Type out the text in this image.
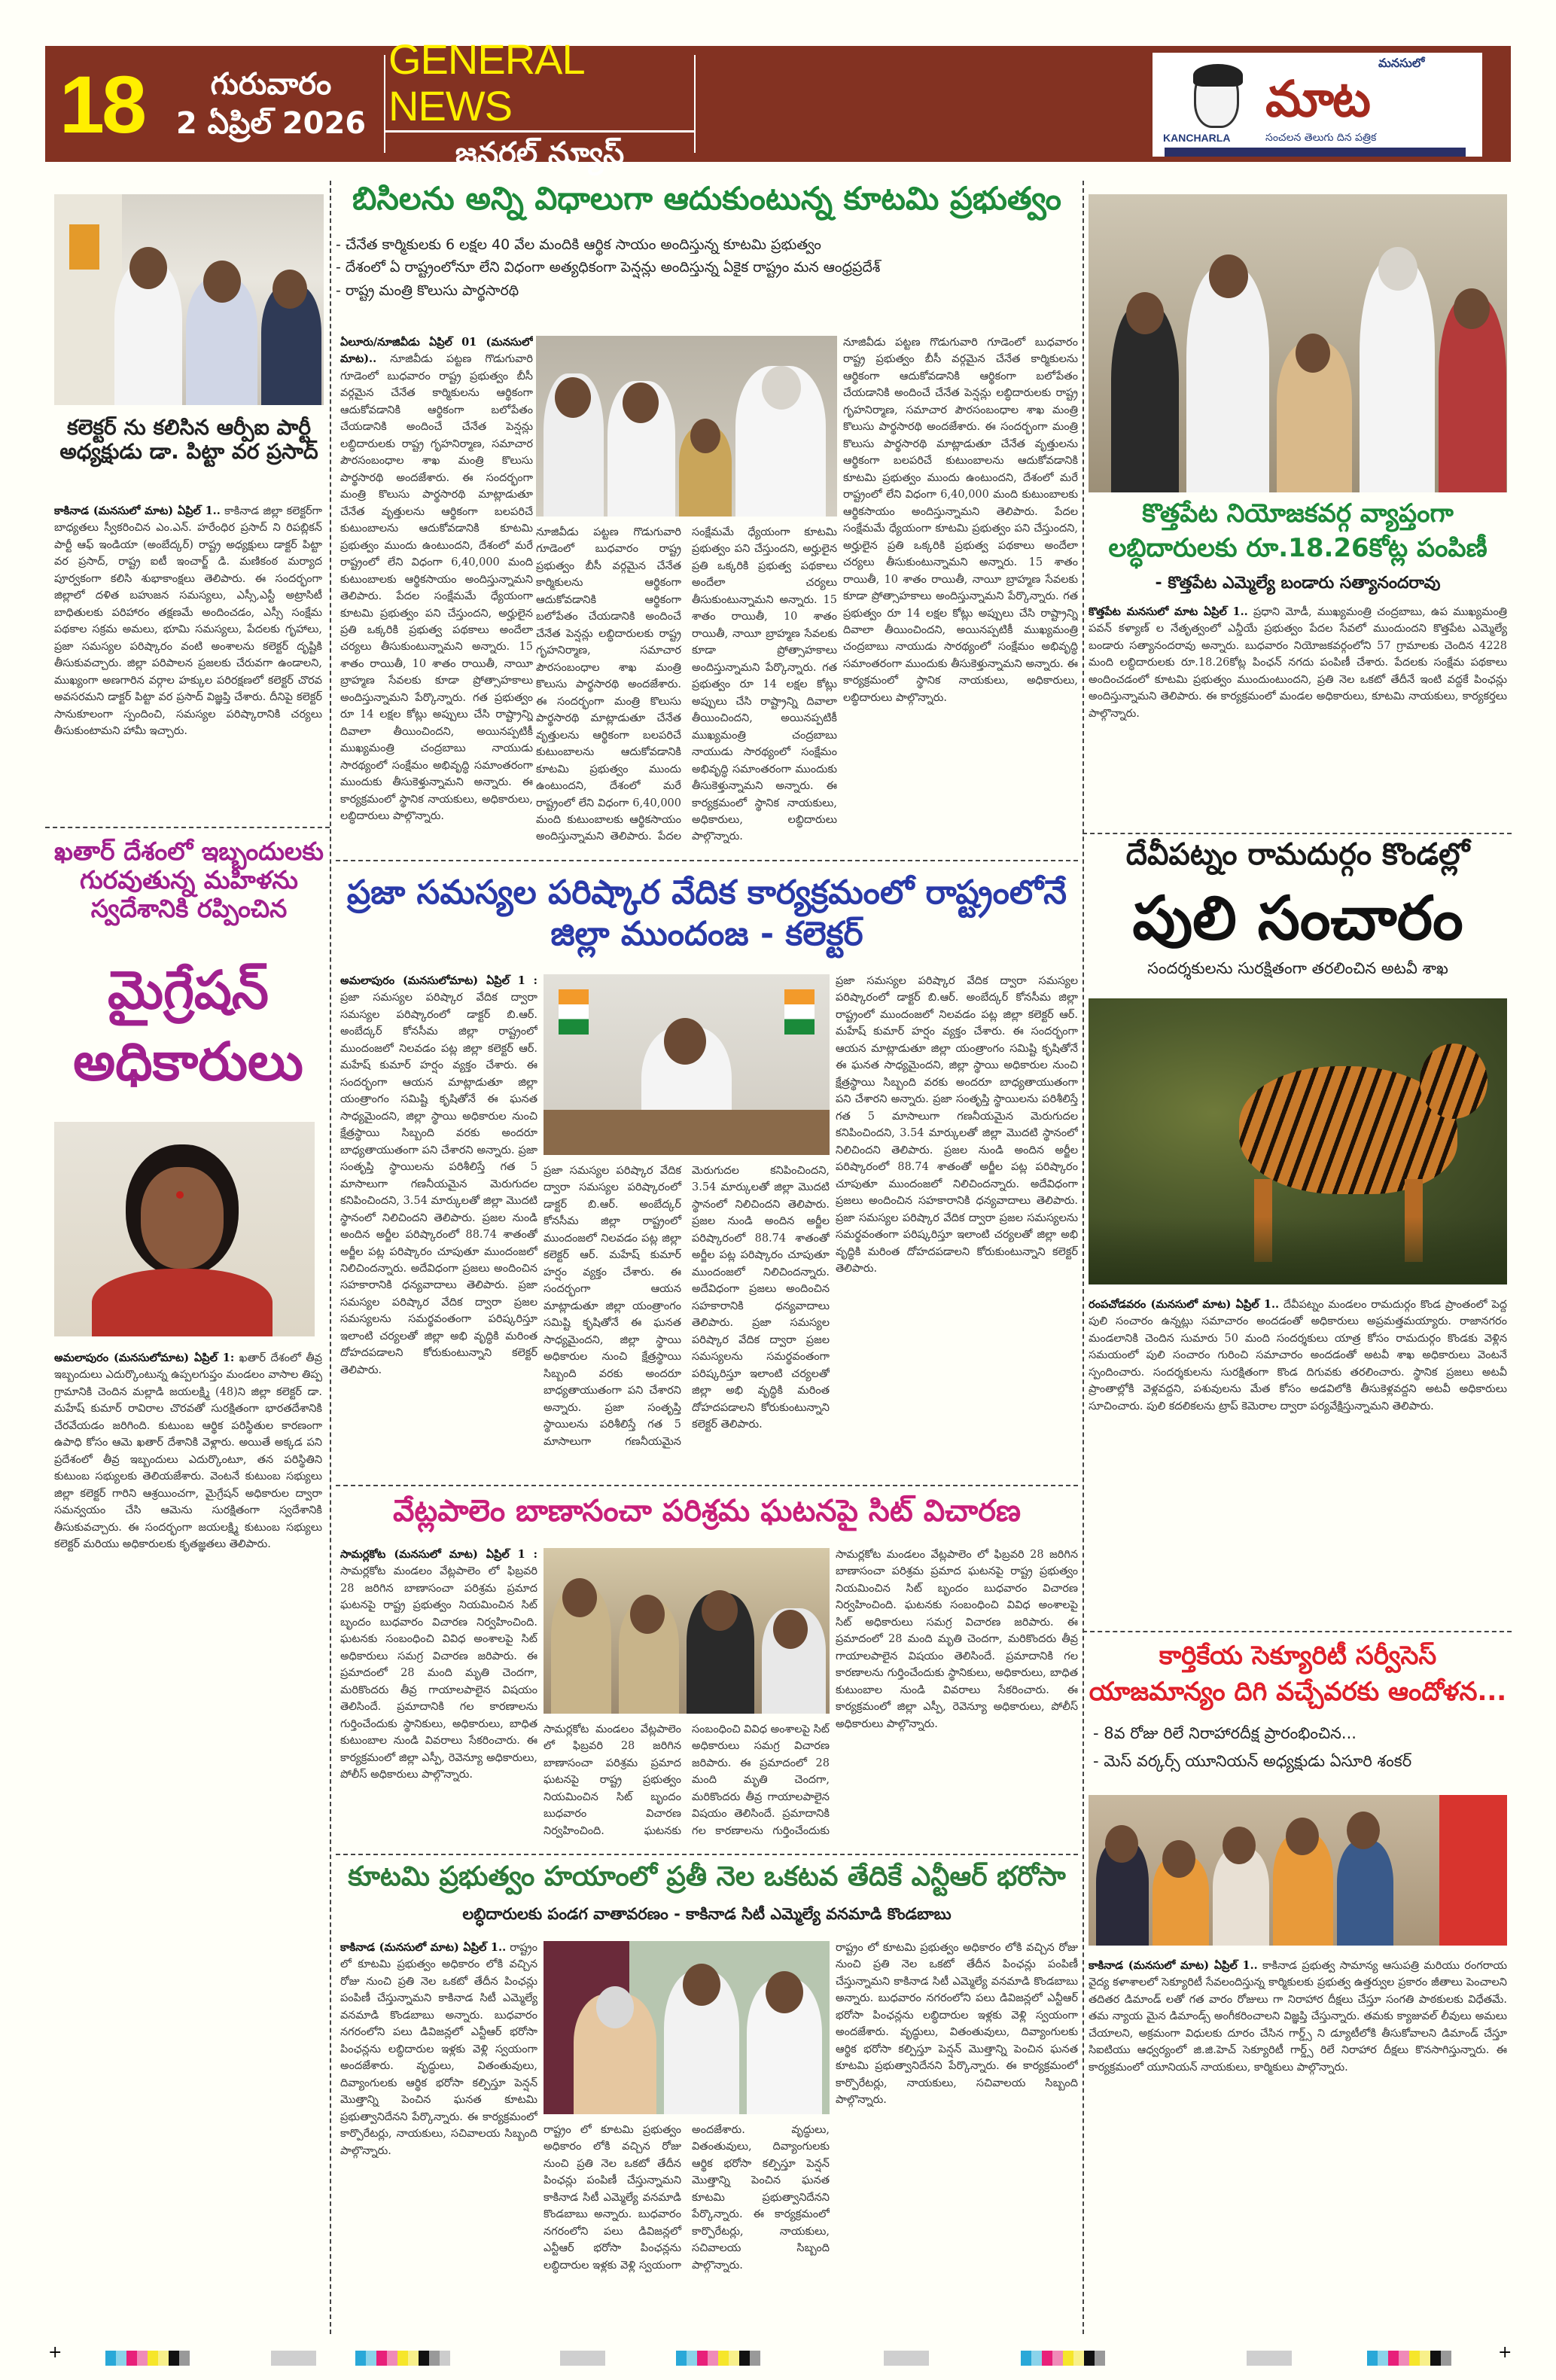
18	గురువారం
2 ఏప్రిల్ 2026
GENERAL NEWS
జనరల్ న్యూస్
మనసులో
మాట
KANCHARLA	సంచలన తెలుగు దిన పత్రిక
కలెక్టర్ ను కలిసిన ఆర్పీఐ పార్టీ అధ్యక్షుడు డా. పిట్టా వర ప్రసాద్
కాకినాడ (మనసులో మాట) ఏప్రిల్ 1.. కాకినాడ జిల్లా కలెక్టర్‌గా బాధ్యతలు స్వీకరించిన ఎం.ఎన్. హరేంధిర ప్రసాద్ ని రిపబ్లికన్ పార్టీ ఆఫ్ ఇండియా (అంబేద్కర్) రాష్ట్ర అధ్యక్షులు డాక్టర్ పిట్టా వర ప్రసాద్, రాష్ట్ర ఐటీ ఇంచార్జ్ డి. మణికంఠ మర్యాద పూర్వకంగా కలిసి శుభాకాంక్షలు తెలిపారు. ఈ సందర్భంగా జిల్లాలో దళిత బహుజన సమస్యలు, ఎస్సీ,ఎస్టీ అట్రాసిటీ బాధితులకు పరిహారం తక్షణమే అందించడం, ఎస్సీ సంక్షేమ పథకాల సక్రమ అమలు, భూమి సమస్యలు, పేదలకు గృహాలు, ప్రజా సమస్యల పరిష్కారం వంటి అంశాలను కలెక్టర్ దృష్టికి తీసుకువచ్చారు. జిల్లా పరిపాలన ప్రజలకు చేరువగా ఉండాలని, ముఖ్యంగా అణగారిన వర్గాల హక్కుల పరిరక్షణలో కలెక్టర్ చొరవ అవసరమని డాక్టర్ పిట్టా వర ప్రసాద్ విజ్ఞప్తి చేశారు. దీనిపై కలెక్టర్ సానుకూలంగా స్పందించి, సమస్యల పరిష్కారానికి చర్యలు తీసుకుంటామని హామీ ఇచ్చారు.
ఖతార్ దేశంలో ఇబ్బందులకు గురవుతున్న మహిళను స్వదేశానికి రప్పించిన
మైగ్రేషన్ అధికారులు
అమలాపురం (మనసులోమాట) ఏప్రిల్ 1: ఖతార్ దేశంలో తీవ్ర ఇబ్బందులు ఎదుర్కొంటున్న ఉప్పలగుప్తం మండలం వాసాల తిప్ప గ్రామానికి చెందిన మల్లాడి జయలక్ష్మి (48)ని జిల్లా కలెక్టర్ డా. మహేష్ కుమార్ రావిరాల చొరవతో సురక్షితంగా భారతదేశానికి చేరవేయడం జరిగింది. కుటుంబ ఆర్థిక పరిస్థితుల కారణంగా ఉపాధి కోసం ఆమె ఖతార్ దేశానికి వెళ్లారు. అయితే అక్కడ పని ప్రదేశంలో తీవ్ర ఇబ్బందులు ఎదుర్కొంటూ, తన పరిస్థితిని కుటుంబ సభ్యులకు తెలియజేశారు. వెంటనే కుటుంబ సభ్యులు జిల్లా కలెక్టర్ గారిని ఆశ్రయించగా, మైగ్రేషన్ అధికారుల ద్వారా సమన్వయం చేసి ఆమెను సురక్షితంగా స్వదేశానికి తీసుకువచ్చారు. ఈ సందర్భంగా జయలక్ష్మి కుటుంబ సభ్యులు కలెక్టర్ మరియు అధికారులకు కృతజ్ఞతలు తెలిపారు.
బిసిలను అన్ని విధాలుగా ఆదుకుంటున్న కూటమి ప్రభుత్వం
- చేనేత కార్మికులకు 6 లక్షల 40 వేల మందికి ఆర్థిక సాయం అందిస్తున్న కూటమి ప్రభుత్వం
- దేశంలో ఏ రాష్ట్రంలోనూ లేని విధంగా అత్యధికంగా పెన్షన్లు అందిస్తున్న ఏకైక రాష్ట్రం మన ఆంధ్రప్రదేశ్
- రాష్ట్ర మంత్రి కొలుసు పార్థసారథి
ఏలూరు/నూజివీడు ఏప్రిల్ 01 (మనసులో మాట).. నూజివీడు పట్టణ గొడుగువారి గూడెంలో బుధవారం రాష్ట్ర ప్రభుత్వం బీసీ వర్గమైన చేనేత కార్మికులను ఆర్థికంగా ఆదుకోవడానికి ఆర్థికంగా బలోపేతం చేయడానికి అందించే చేనేత పెన్షన్లు లబ్ధిదారులకు రాష్ట్ర గృహనిర్మాణ, సమాచార పౌరసంబంధాల శాఖ మంత్రి కొలుసు పార్థసారథి అందజేశారు. ఈ సందర్భంగా మంత్రి కొలుసు పార్థసారథి మాట్లాడుతూ చేనేత వృత్తులను ఆర్థికంగా బలపరిచే కుటుంబాలను ఆదుకోవడానికి కూటమి ప్రభుత్వం ముందు ఉంటుందని, దేశంలో మరే రాష్ట్రంలో లేని విధంగా 6,40,000 మంది కుటుంబాలకు ఆర్థికసాయం అందిస్తున్నామని తెలిపారు. పేదల సంక్షేమమే ధ్యేయంగా కూటమి ప్రభుత్వం పని చేస్తుందని, అర్హులైన ప్రతి ఒక్కరికి ప్రభుత్వ పథకాలు అందేలా చర్యలు తీసుకుంటున్నామని అన్నారు. 15 శాతం రాయితీ, 10 శాతం రాయితీ, నాయీ బ్రాహ్మణ సేవలకు కూడా ప్రోత్సాహకాలు అందిస్తున్నామని పేర్కొన్నారు. గత ప్రభుత్వం రూ 14 లక్షల కోట్లు అప్పులు చేసి రాష్ట్రాన్ని దివాలా తీయించిందని, అయినప్పటికీ ముఖ్యమంత్రి చంద్రబాబు నాయుడు సారథ్యంలో సంక్షేమం అభివృద్ధి సమాంతరంగా ముందుకు తీసుకెళ్తున్నామని అన్నారు. ఈ కార్యక్రమంలో స్థానిక నాయకులు, అధికారులు, లబ్ధిదారులు పాల్గొన్నారు.
నూజివీడు పట్టణ గొడుగువారి గూడెంలో బుధవారం రాష్ట్ర ప్రభుత్వం బీసీ వర్గమైన చేనేత కార్మికులను ఆర్థికంగా ఆదుకోవడానికి ఆర్థికంగా బలోపేతం చేయడానికి అందించే చేనేత పెన్షన్లు లబ్ధిదారులకు రాష్ట్ర గృహనిర్మాణ, సమాచార పౌరసంబంధాల శాఖ మంత్రి కొలుసు పార్థసారథి అందజేశారు. ఈ సందర్భంగా మంత్రి కొలుసు పార్థసారథి మాట్లాడుతూ చేనేత వృత్తులను ఆర్థికంగా బలపరిచే కుటుంబాలను ఆదుకోవడానికి కూటమి ప్రభుత్వం ముందు ఉంటుందని, దేశంలో మరే రాష్ట్రంలో లేని విధంగా 6,40,000 మంది కుటుంబాలకు ఆర్థికసాయం అందిస్తున్నామని తెలిపారు. పేదల సంక్షేమమే ధ్యేయంగా కూటమి ప్రభుత్వం పని చేస్తుందని, అర్హులైన ప్రతి ఒక్కరికి ప్రభుత్వ పథకాలు అందేలా చర్యలు తీసుకుంటున్నామని అన్నారు. 15 శాతం రాయితీ, 10 శాతం రాయితీ, నాయీ బ్రాహ్మణ సేవలకు కూడా ప్రోత్సాహకాలు అందిస్తున్నామని పేర్కొన్నారు. గత ప్రభుత్వం రూ 14 లక్షల కోట్లు అప్పులు చేసి రాష్ట్రాన్ని దివాలా తీయించిందని, అయినప్పటికీ ముఖ్యమంత్రి చంద్రబాబు నాయుడు సారథ్యంలో సంక్షేమం అభివృద్ధి సమాంతరంగా ముందుకు తీసుకెళ్తున్నామని అన్నారు. ఈ కార్యక్రమంలో స్థానిక నాయకులు, అధికారులు, లబ్ధిదారులు పాల్గొన్నారు.
నూజివీడు పట్టణ గొడుగువారి గూడెంలో బుధవారం రాష్ట్ర ప్రభుత్వం బీసీ వర్గమైన చేనేత కార్మికులను ఆర్థికంగా ఆదుకోవడానికి ఆర్థికంగా బలోపేతం చేయడానికి అందించే చేనేత పెన్షన్లు లబ్ధిదారులకు రాష్ట్ర గృహనిర్మాణ, సమాచార పౌరసంబంధాల శాఖ మంత్రి కొలుసు పార్థసారథి అందజేశారు. ఈ సందర్భంగా మంత్రి కొలుసు పార్థసారథి మాట్లాడుతూ చేనేత వృత్తులను ఆర్థికంగా బలపరిచే కుటుంబాలను ఆదుకోవడానికి కూటమి ప్రభుత్వం ముందు ఉంటుందని, దేశంలో మరే రాష్ట్రంలో లేని విధంగా 6,40,000 మంది కుటుంబాలకు ఆర్థికసాయం అందిస్తున్నామని తెలిపారు. పేదల సంక్షేమమే ధ్యేయంగా కూటమి ప్రభుత్వం పని చేస్తుందని, అర్హులైన ప్రతి ఒక్కరికి ప్రభుత్వ పథకాలు అందేలా చర్యలు తీసుకుంటున్నామని అన్నారు. 15 శాతం రాయితీ, 10 శాతం రాయితీ, నాయీ బ్రాహ్మణ సేవలకు కూడా ప్రోత్సాహకాలు అందిస్తున్నామని పేర్కొన్నారు. గత ప్రభుత్వం రూ 14 లక్షల కోట్లు అప్పులు చేసి రాష్ట్రాన్ని దివాలా తీయించిందని, అయినప్పటికీ ముఖ్యమంత్రి చంద్రబాబు నాయుడు సారథ్యంలో సంక్షేమం అభివృద్ధి సమాంతరంగా ముందుకు తీసుకెళ్తున్నామని అన్నారు. ఈ కార్యక్రమంలో స్థానిక నాయకులు, అధికారులు, లబ్ధిదారులు పాల్గొన్నారు.
ప్రజా సమస్యల పరిష్కార వేదిక కార్యక్రమంలో రాష్ట్రంలోనే జిల్లా ముందంజ - కలెక్టర్
అమలాపురం (మనసులోమాట) ఏప్రిల్ 1 : ప్రజా సమస్యల పరిష్కార వేదిక ద్వారా సమస్యల పరిష్కారంలో డాక్టర్ బి.ఆర్. అంబేద్కర్ కోనసీమ జిల్లా రాష్ట్రంలో ముందంజలో నిలవడం పట్ల జిల్లా కలెక్టర్ ఆర్. మహేష్ కుమార్ హర్షం వ్యక్తం చేశారు. ఈ సందర్భంగా ఆయన మాట్లాడుతూ జిల్లా యంత్రాంగం సమిష్టి కృషితోనే ఈ ఘనత సాధ్యమైందని, జిల్లా స్థాయి అధికారుల నుంచి క్షేత్రస్థాయి సిబ్బంది వరకు అందరూ బాధ్యతాయుతంగా పని చేశారని అన్నారు. ప్రజా సంతృప్తి స్థాయిలను పరిశీలిస్తే గత 5 మాసాలుగా గణనీయమైన మెరుగుదల కనిపించిందని, 3.54 మార్కులతో జిల్లా మొదటి స్థానంలో నిలిచిందని తెలిపారు. ప్రజల నుండి అందిన అర్జీల పరిష్కారంలో 88.74 శాతంతో అర్జీల పట్ల పరిష్కారం చూపుతూ ముందంజలో నిలిచిందన్నారు. అదేవిధంగా ప్రజలు అందించిన సహకారానికి ధన్యవాదాలు తెలిపారు. ప్రజా సమస్యల పరిష్కార వేదిక ద్వారా ప్రజల సమస్యలను సమర్థవంతంగా పరిష్కరిస్తూ ఇలాంటి చర్యలతో జిల్లా అభి వృద్ధికి మరింత దోహదపడాలని కోరుకుంటున్నాని కలెక్టర్ తెలిపారు.
ప్రజా సమస్యల పరిష్కార వేదిక ద్వారా సమస్యల పరిష్కారంలో డాక్టర్ బి.ఆర్. అంబేద్కర్ కోనసీమ జిల్లా రాష్ట్రంలో ముందంజలో నిలవడం పట్ల జిల్లా కలెక్టర్ ఆర్. మహేష్ కుమార్ హర్షం వ్యక్తం చేశారు. ఈ సందర్భంగా ఆయన మాట్లాడుతూ జిల్లా యంత్రాంగం సమిష్టి కృషితోనే ఈ ఘనత సాధ్యమైందని, జిల్లా స్థాయి అధికారుల నుంచి క్షేత్రస్థాయి సిబ్బంది వరకు అందరూ బాధ్యతాయుతంగా పని చేశారని అన్నారు. ప్రజా సంతృప్తి స్థాయిలను పరిశీలిస్తే గత 5 మాసాలుగా గణనీయమైన మెరుగుదల కనిపించిందని, 3.54 మార్కులతో జిల్లా మొదటి స్థానంలో నిలిచిందని తెలిపారు. ప్రజల నుండి అందిన అర్జీల పరిష్కారంలో 88.74 శాతంతో అర్జీల పట్ల పరిష్కారం చూపుతూ ముందంజలో నిలిచిందన్నారు. అదేవిధంగా ప్రజలు అందించిన సహకారానికి ధన్యవాదాలు తెలిపారు. ప్రజా సమస్యల పరిష్కార వేదిక ద్వారా ప్రజల సమస్యలను సమర్థవంతంగా పరిష్కరిస్తూ ఇలాంటి చర్యలతో జిల్లా అభి వృద్ధికి మరింత దోహదపడాలని కోరుకుంటున్నాని కలెక్టర్ తెలిపారు.
ప్రజా సమస్యల పరిష్కార వేదిక ద్వారా సమస్యల పరిష్కారంలో డాక్టర్ బి.ఆర్. అంబేద్కర్ కోనసీమ జిల్లా రాష్ట్రంలో ముందంజలో నిలవడం పట్ల జిల్లా కలెక్టర్ ఆర్. మహేష్ కుమార్ హర్షం వ్యక్తం చేశారు. ఈ సందర్భంగా ఆయన మాట్లాడుతూ జిల్లా యంత్రాంగం సమిష్టి కృషితోనే ఈ ఘనత సాధ్యమైందని, జిల్లా స్థాయి అధికారుల నుంచి క్షేత్రస్థాయి సిబ్బంది వరకు అందరూ బాధ్యతాయుతంగా పని చేశారని అన్నారు. ప్రజా సంతృప్తి స్థాయిలను పరిశీలిస్తే గత 5 మాసాలుగా గణనీయమైన మెరుగుదల కనిపించిందని, 3.54 మార్కులతో జిల్లా మొదటి స్థానంలో నిలిచిందని తెలిపారు. ప్రజల నుండి అందిన అర్జీల పరిష్కారంలో 88.74 శాతంతో అర్జీల పట్ల పరిష్కారం చూపుతూ ముందంజలో నిలిచిందన్నారు. అదేవిధంగా ప్రజలు అందించిన సహకారానికి ధన్యవాదాలు తెలిపారు. ప్రజా సమస్యల పరిష్కార వేదిక ద్వారా ప్రజల సమస్యలను సమర్థవంతంగా పరిష్కరిస్తూ ఇలాంటి చర్యలతో జిల్లా అభి వృద్ధికి మరింత దోహదపడాలని కోరుకుంటున్నాని కలెక్టర్ తెలిపారు.
వేట్లపాలెం బాణాసంచా పరిశ్రమ ఘటనపై సిట్ విచారణ
సామర్లకోట (మనసులో మాట) ఏప్రిల్ 1 : సామర్లకోట మండలం వేట్లపాలెం లో ఫిబ్రవరి 28 జరిగిన బాణాసంచా పరిశ్రమ ప్రమాద ఘటనపై రాష్ట్ర ప్రభుత్వం నియమించిన సిట్ బృందం బుధవారం విచారణ నిర్వహించింది. ఘటనకు సంబంధించి వివిధ అంశాలపై సిట్ అధికారులు సమగ్ర విచారణ జరిపారు. ఈ ప్రమాదంలో 28 మంది మృతి చెందగా, మరికొందరు తీవ్ర గాయాలపాలైన విషయం తెలిసిందే. ప్రమాదానికి గల కారణాలను గుర్తించేందుకు స్థానికులు, అధికారులు, బాధిత కుటుంబాల నుండి వివరాలు సేకరించారు. ఈ కార్యక్రమంలో జిల్లా ఎస్పీ, రెవెన్యూ అధికారులు, పోలీస్ అధికారులు పాల్గొన్నారు.
సామర్లకోట మండలం వేట్లపాలెం లో ఫిబ్రవరి 28 జరిగిన బాణాసంచా పరిశ్రమ ప్రమాద ఘటనపై రాష్ట్ర ప్రభుత్వం నియమించిన సిట్ బృందం బుధవారం విచారణ నిర్వహించింది. ఘటనకు సంబంధించి వివిధ అంశాలపై సిట్ అధికారులు సమగ్ర విచారణ జరిపారు. ఈ ప్రమాదంలో 28 మంది మృతి చెందగా, మరికొందరు తీవ్ర గాయాలపాలైన విషయం తెలిసిందే. ప్రమాదానికి గల కారణాలను గుర్తించేందుకు
సామర్లకోట మండలం వేట్లపాలెం లో ఫిబ్రవరి 28 జరిగిన బాణాసంచా పరిశ్రమ ప్రమాద ఘటనపై రాష్ట్ర ప్రభుత్వం నియమించిన సిట్ బృందం బుధవారం విచారణ నిర్వహించింది. ఘటనకు సంబంధించి వివిధ అంశాలపై సిట్ అధికారులు సమగ్ర విచారణ జరిపారు. ఈ ప్రమాదంలో 28 మంది మృతి చెందగా, మరికొందరు తీవ్ర గాయాలపాలైన విషయం తెలిసిందే. ప్రమాదానికి గల కారణాలను గుర్తించేందుకు స్థానికులు, అధికారులు, బాధిత కుటుంబాల నుండి వివరాలు సేకరించారు. ఈ కార్యక్రమంలో జిల్లా ఎస్పీ, రెవెన్యూ అధికారులు, పోలీస్ అధికారులు పాల్గొన్నారు.
కూటమి ప్రభుత్వం హయాంలో ప్రతీ నెల ఒకటవ తేదికే ఎన్టీఆర్ భరోసా
లబ్ధిదారులకు పండగ వాతావరణం - కాకినాడ సిటీ ఎమ్మెల్యే వనమాడి కొండబాబు
కాకినాడ (మనసులో మాట) ఏప్రిల్ 1.. రాష్ట్రం లో కూటమి ప్రభుత్వం అధికారం లోకి వచ్చిన రోజు నుంచి ప్రతి నెల ఒకటో తేదీన పింఛన్లు పంపిణీ చేస్తున్నామని కాకినాడ సిటీ ఎమ్మెల్యే వనమాడి కొండబాబు అన్నారు. బుధవారం నగరంలోని పలు డివిజన్లలో ఎన్టీఆర్ భరోసా పింఛన్లను లబ్ధిదారుల ఇళ్లకు వెళ్లి స్వయంగా అందజేశారు. వృద్ధులు, వితంతువులు, దివ్యాంగులకు ఆర్థిక భరోసా కల్పిస్తూ పెన్షన్ మొత్తాన్ని పెంచిన ఘనత కూటమి ప్రభుత్వానిదేనని పేర్కొన్నారు. ఈ కార్యక్రమంలో కార్పొరేటర్లు, నాయకులు, సచివాలయ సిబ్బంది పాల్గొన్నారు.
రాష్ట్రం లో కూటమి ప్రభుత్వం అధికారం లోకి వచ్చిన రోజు నుంచి ప్రతి నెల ఒకటో తేదీన పింఛన్లు పంపిణీ చేస్తున్నామని కాకినాడ సిటీ ఎమ్మెల్యే వనమాడి కొండబాబు అన్నారు. బుధవారం నగరంలోని పలు డివిజన్లలో ఎన్టీఆర్ భరోసా పింఛన్లను లబ్ధిదారుల ఇళ్లకు వెళ్లి స్వయంగా అందజేశారు. వృద్ధులు, వితంతువులు, దివ్యాంగులకు ఆర్థిక భరోసా కల్పిస్తూ పెన్షన్ మొత్తాన్ని పెంచిన ఘనత కూటమి ప్రభుత్వానిదేనని పేర్కొన్నారు. ఈ కార్యక్రమంలో కార్పొరేటర్లు, నాయకులు, సచివాలయ సిబ్బంది పాల్గొన్నారు.
రాష్ట్రం లో కూటమి ప్రభుత్వం అధికారం లోకి వచ్చిన రోజు నుంచి ప్రతి నెల ఒకటో తేదీన పింఛన్లు పంపిణీ చేస్తున్నామని కాకినాడ సిటీ ఎమ్మెల్యే వనమాడి కొండబాబు అన్నారు. బుధవారం నగరంలోని పలు డివిజన్లలో ఎన్టీఆర్ భరోసా పింఛన్లను లబ్ధిదారుల ఇళ్లకు వెళ్లి స్వయంగా అందజేశారు. వృద్ధులు, వితంతువులు, దివ్యాంగులకు ఆర్థిక భరోసా కల్పిస్తూ పెన్షన్ మొత్తాన్ని పెంచిన ఘనత కూటమి ప్రభుత్వానిదేనని పేర్కొన్నారు. ఈ కార్యక్రమంలో కార్పొరేటర్లు, నాయకులు, సచివాలయ సిబ్బంది పాల్గొన్నారు.
కొత్తపేట నియోజకవర్గ వ్యాప్తంగా లబ్ధిదారులకు రూ.18.26కోట్ల పంపిణీ
- కొత్తపేట ఎమ్మెల్యే బండారు సత్యానందరావు
కొత్తపేట మనసులో మాట ఏప్రిల్ 1.. ప్రధాని మోడీ, ముఖ్యమంత్రి చంద్రబాబు, ఉప ముఖ్యమంత్రి పవన్ కళ్యాణ్ ల నేతృత్వంలో ఎన్డీయే ప్రభుత్వం పేదల సేవలో ముందుందని కొత్తపేట ఎమ్మెల్యే బండారు సత్యానందరావు అన్నారు. బుధవారం నియోజకవర్గంలోని 57 గ్రామాలకు చెందిన 4228 మంది లబ్ధిదారులకు రూ.18.26కోట్ల పింఛన్ నగదు పంపిణీ చేశారు. పేదలకు సంక్షేమ పథకాలు అందించడంలో కూటమి ప్రభుత్వం ముందుంటుందని, ప్రతి నెల ఒకటో తేదీనే ఇంటి వద్దకే పింఛన్లు అందిస్తున్నామని తెలిపారు. ఈ కార్యక్రమంలో మండల అధికారులు, కూటమి నాయకులు, కార్యకర్తలు పాల్గొన్నారు.
దేవీపట్నం రామదుర్గం కొండల్లో
పులి సంచారం
సందర్శకులను సురక్షితంగా తరలించిన అటవీ శాఖ
రంపచోడవరం (మనసులో మాట) ఏప్రిల్ 1.. దేవీపట్నం మండలం రామదుర్గం కొండ ప్రాంతంలో పెద్ద పులి సంచారం ఉన్నట్లు సమాచారం అందడంతో అధికారులు అప్రమత్తమయ్యారు. రాజానగరం మండలానికి చెందిన సుమారు 50 మంది సందర్శకులు యాత్ర కోసం రామదుర్గం కొండకు వెళ్లిన సమయంలో పులి సంచారం గురించి సమాచారం అందడంతో అటవీ శాఖ అధికారులు వెంటనే స్పందించారు. సందర్శకులను సురక్షితంగా కొండ దిగువకు తరలించారు. స్థానిక ప్రజలు అటవీ ప్రాంతాల్లోకి వెళ్లవద్దని, పశువులను మేత కోసం అడవిలోకి తీసుకెళ్లవద్దని అటవీ అధికారులు సూచించారు. పులి కదలికలను ట్రాప్ కెమెరాల ద్వారా పర్యవేక్షిస్తున్నామని తెలిపారు.
కార్తికేయ సెక్యూరిటీ సర్వీసెస్ యాజమాన్యం దిగి వచ్చేవరకు ఆందోళన...
- 8వ రోజు రిలే నిరాహారదీక్ష ప్రారంభించిన...
- మెస్ వర్కర్స్ యూనియన్ అధ్యక్షుడు ఏసూరి శంకర్
కాకినాడ (మనసులో మాట) ఏప్రిల్ 1.. కాకినాడ ప్రభుత్వ సామాన్య ఆసుపత్రి మరియు రంగరాయ వైద్య కళాశాలలో సెక్యూరిటీ సేవలందిస్తున్న కార్మికులకు ప్రభుత్వ ఉత్తర్వుల ప్రకారం జీతాలు పెంచాలని తదితర డిమాండ్ లతో గత వారం రోజులు గా నిరాహార దీక్షలు చేస్తూ సంగతి పాఠకులకు విధేతమే. తమ న్యాయ మైన డిమాండ్స్ అంగీకరించాలని విజ్ఞప్తి చేస్తున్నారు. తమకు క్యాజువల్ లీవులు అమలు చేయాలని, అక్రమంగా విధులకు దూరం చేసిన గార్డ్స్ ని డ్యూటీలోకి తీసుకోవాలని డిమాండ్ చేస్తూ సిఐటియు ఆధ్వర్యంలో జి.జి.హెచ్ సెక్యూరిటీ గార్డ్స్ రిలే నిరాహార దీక్షలు కొనసాగిస్తున్నారు. ఈ కార్యక్రమంలో యూనియన్ నాయకులు, కార్మికులు పాల్గొన్నారు.
+	+
